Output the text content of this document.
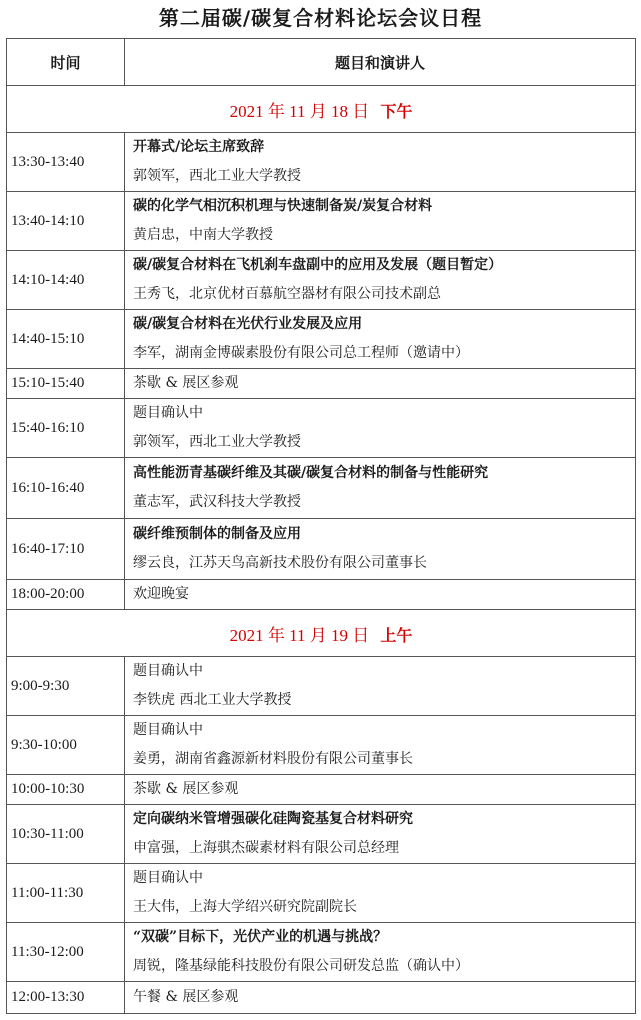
第二届碳/碳复合材料论坛会议日程
时间	题目和演讲人
2021 年 11 月 18 日 下午	
13:30-13:40	开幕式/论坛主席致辞
郭领军，西北工业大学教授

13:40-14:10	碳的化学气相沉积机理与快速制备炭/炭复合材料
黄启忠，中南大学教授

14:10-14:40	碳/碳复合材料在飞机刹车盘副中的应用及发展（题目暂定）
王秀飞，北京优材百慕航空器材有限公司技术副总

14:40-15:10	碳/碳复合材料在光伏行业发展及应用
李军，湖南金博碳素股份有限公司总工程师（邀请中）

15:10-15:40	茶歇 & 展区参观

15:40-16:10	题目确认中
郭领军，西北工业大学教授

16:10-16:40	高性能沥青基碳纤维及其碳/碳复合材料的制备与性能研究
董志军，武汉科技大学教授

16:40-17:10	碳纤维预制体的制备及应用
缪云良，江苏天鸟高新技术股份有限公司董事长

18:00-20:00	欢迎晚宴

2021 年 11 月 19 日 上午	
9:00-9:30	题目确认中
李铁虎 西北工业大学教授

9:30-10:00	题目确认中
姜勇，湖南省鑫源新材料股份有限公司董事长

10:00-10:30	茶歇 & 展区参观

10:30-11:00	定向碳纳米管增强碳化硅陶瓷基复合材料研究
申富强，上海骐杰碳素材料有限公司总经理

11:00-11:30	题目确认中
王大伟，上海大学绍兴研究院副院长

11:30-12:00	“双碳”目标下，光伏产业的机遇与挑战？
周锐，隆基绿能科技股份有限公司研发总监（确认中）

12:00-13:30	午餐 & 展区参观
